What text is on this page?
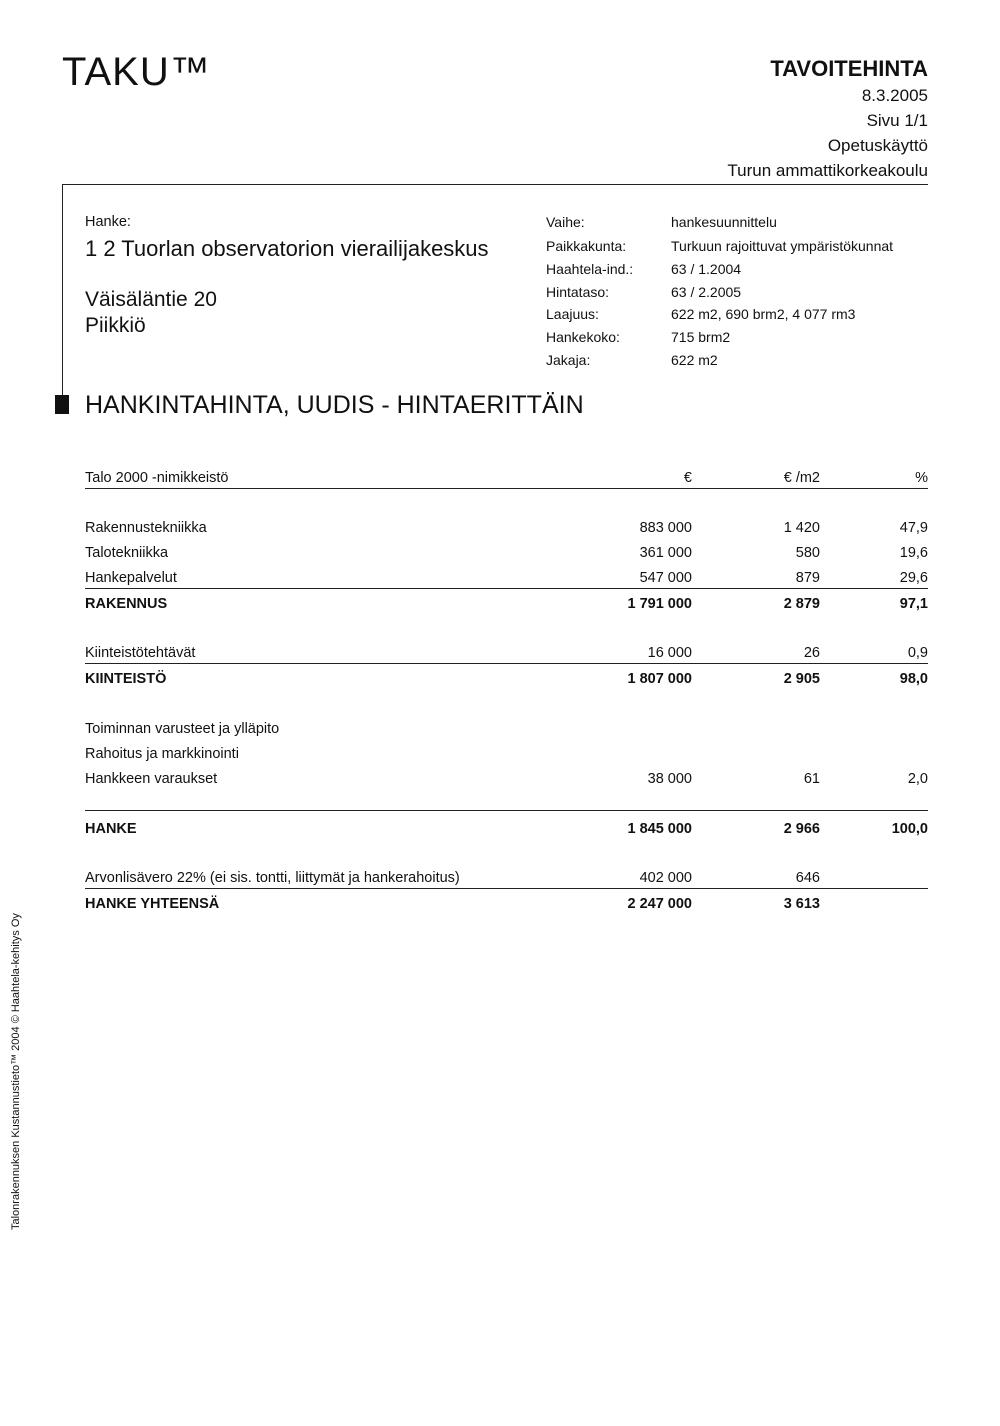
TAKU™	TAVOITEHINTA
8.3.2005
Sivu 1/1
Opetuskäyttö
Turun ammattikorkeakoulu
Hanke:
1 2 Tuorlan observatorion vierailijakeskus
Väisäläntie 20
Piikkiö
Vaihe:	hankesuunnittelu
Paikkakunta:	Turkuun rajoittuvat ympäristökunnat
Haahtela-ind.:	63 / 1.2004
Hintataso:	63 / 2.2005
Laajuus:	622 m2, 690 brm2, 4 077 rm3
Hankekoko:	715 brm2
Jakaja:	622 m2
HANKINTAHINTA, UUDIS - HINTAERITTÄIN
Talo 2000 -nimikkeistö	€	€ /m2	%
Rakennustekniikka	883 000	1 420	47,9
Talotekniikka	361 000	580	19,6
Hankepalvelut	547 000	879	29,6
RAKENNUS	1 791 000	2 879	97,1
Kiinteistötehtävät	16 000	26	0,9
KIINTEISTÖ	1 807 000	2 905	98,0
Toiminnan varusteet ja ylläpito
Rahoitus ja markkinointi
Hankkeen varaukset	38 000	61	2,0
HANKE	1 845 000	2 966	100,0
Arvonlisävero 22% (ei sis. tontti, liittymät ja hankerahoitus)	402 000	646
HANKE YHTEENSÄ	2 247 000	3 613
Talonrakennuksen Kustannustieto™ 2004 © Haahtela-kehitys Oy
